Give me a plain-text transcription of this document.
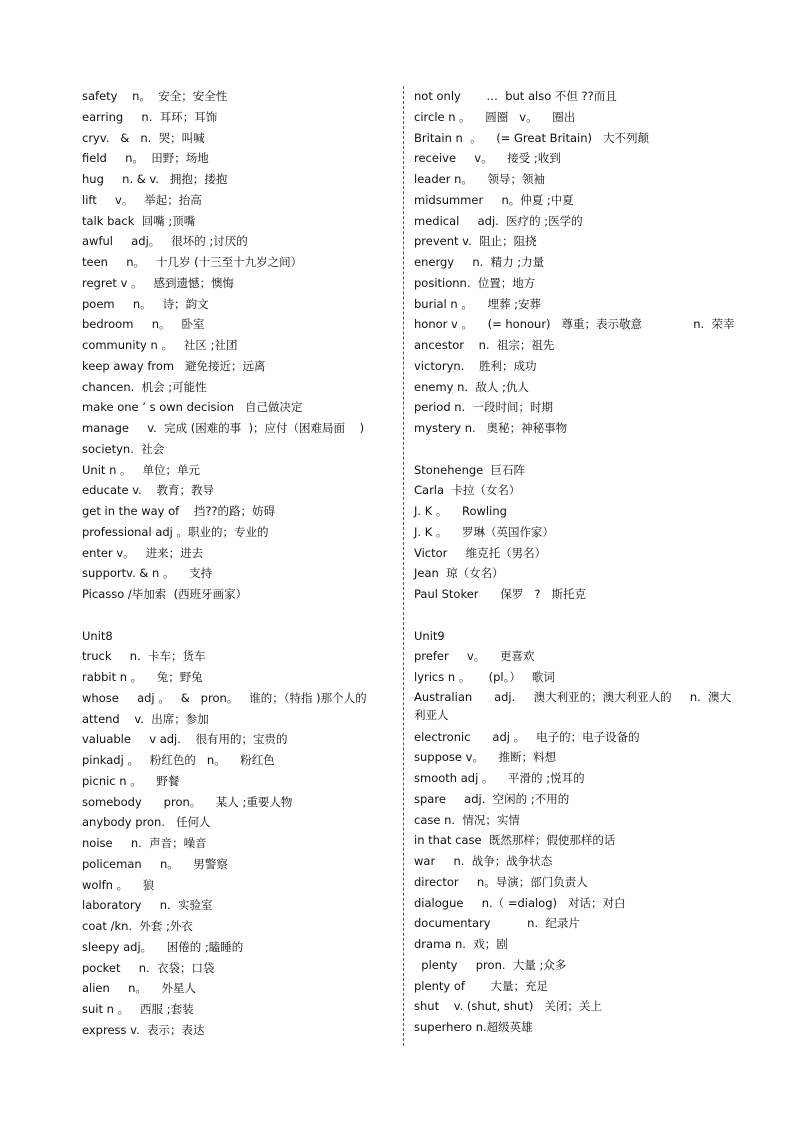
safety    n。  安全；安全性
earring     n.  耳环；耳饰
cryv.   &   n.  哭；叫喊
field     n。  田野；场地
hug     n. & v.   拥抱；搂抱
lift     v。   举起；抬高
talk back  回嘴 ;顶嘴
awful     adj。   很坏的 ;讨厌的
teen     n。   十几岁 (十三至十九岁之间）
regret v 。   感到遗憾；懊悔
poem     n。   诗；韵文
bedroom     n。   卧室
community n 。   社区 ;社团
keep away from   避免接近；远离
chancen.  机会 ;可能性
make one ’ s own decision   自己做决定
manage     v.  完成 (困难的事  )；应付（困难局面    )
societyn.  社会
Unit n 。   单位；单元
educate v.    教育；教导
get in the way of    挡??的路；妨碍
professional adj 。职业的；专业的
enter v。   进来；进去
supportv. & n 。    支持
Picasso /毕加索  (西班牙画家）
Unit8
truck     n.  卡车；货车
rabbit n 。    兔；野兔
whose     adj 。   &   pron。   谁的；（特指 )那个人的
attend    v.  出席；参加
valuable     v adj.    很有用的；宝贵的
pinkadj 。   粉红色的   n。    粉红色
picnic n 。    野餐
somebody      pron。    某人 ;重要人物
anybody pron.   任何人
noise     n.  声音；噪音
policeman     n。    男警察
wolfn 。    狼
laboratory     n.  实验室
coat /kn.  外套 ;外衣
sleepy adj。    困倦的 ;瞌睡的
pocket     n.  衣袋；口袋
alien     n。    外星人
suit n 。   西服 ;套装
express v.  表示；表达
not only       …  but also 不但 ??而且
circle n 。    圆圈   v。    圈出
Britain n  。    (= Great Britain)   大不列颠
receive     v。    接受 ;收到
leader n。    领导；领袖
midsummer     n。仲夏 ;中夏
medical     adj.  医疗的 ;医学的
prevent v.  阻止；阻挠
energy     n.  精力 ;力量
positionn.  位置；地方
burial n 。    埋葬 ;安葬
honor v 。    (= honour)   尊重；表示敬意              n.  荣幸
ancestor    n.  祖宗；祖先
victoryn.    胜利；成功
enemy n.  敌人 ;仇人
period n.  一段时间；时期
mystery n.   奥秘；神秘事物
Stonehenge  巨石阵
Carla  卡拉（女名）
J. K 。    Rowling
J. K 。    罗琳（英国作家）
Victor     维克托（男名）
Jean  琼（女名）
Paul Stoker      保罗   ?   斯托克
Unit9
prefer     v。    更喜欢
lyrics n 。     (pl。）   歌词
Australian      adj.     澳大利亚的；澳大利亚人的     n.  澳大利亚人
electronic      adj 。   电子的；电子设备的
suppose v。    推断；料想
smooth adj 。    平滑的 ;悦耳的
spare     adj.  空闲的 ;不用的
case n.  情况；实情
in that case  既然那样；假使那样的话
war     n.  战争；战争状态
director     n。导演；部门负责人
dialogue     n.（ =dialog)   对话；对白
documentary          n.  纪录片
drama n.  戏；剧
plenty     pron.  大量 ;众多
plenty of       大量；充足
shut    v. (shut, shut)   关闭；关上
superhero n.超级英雄
